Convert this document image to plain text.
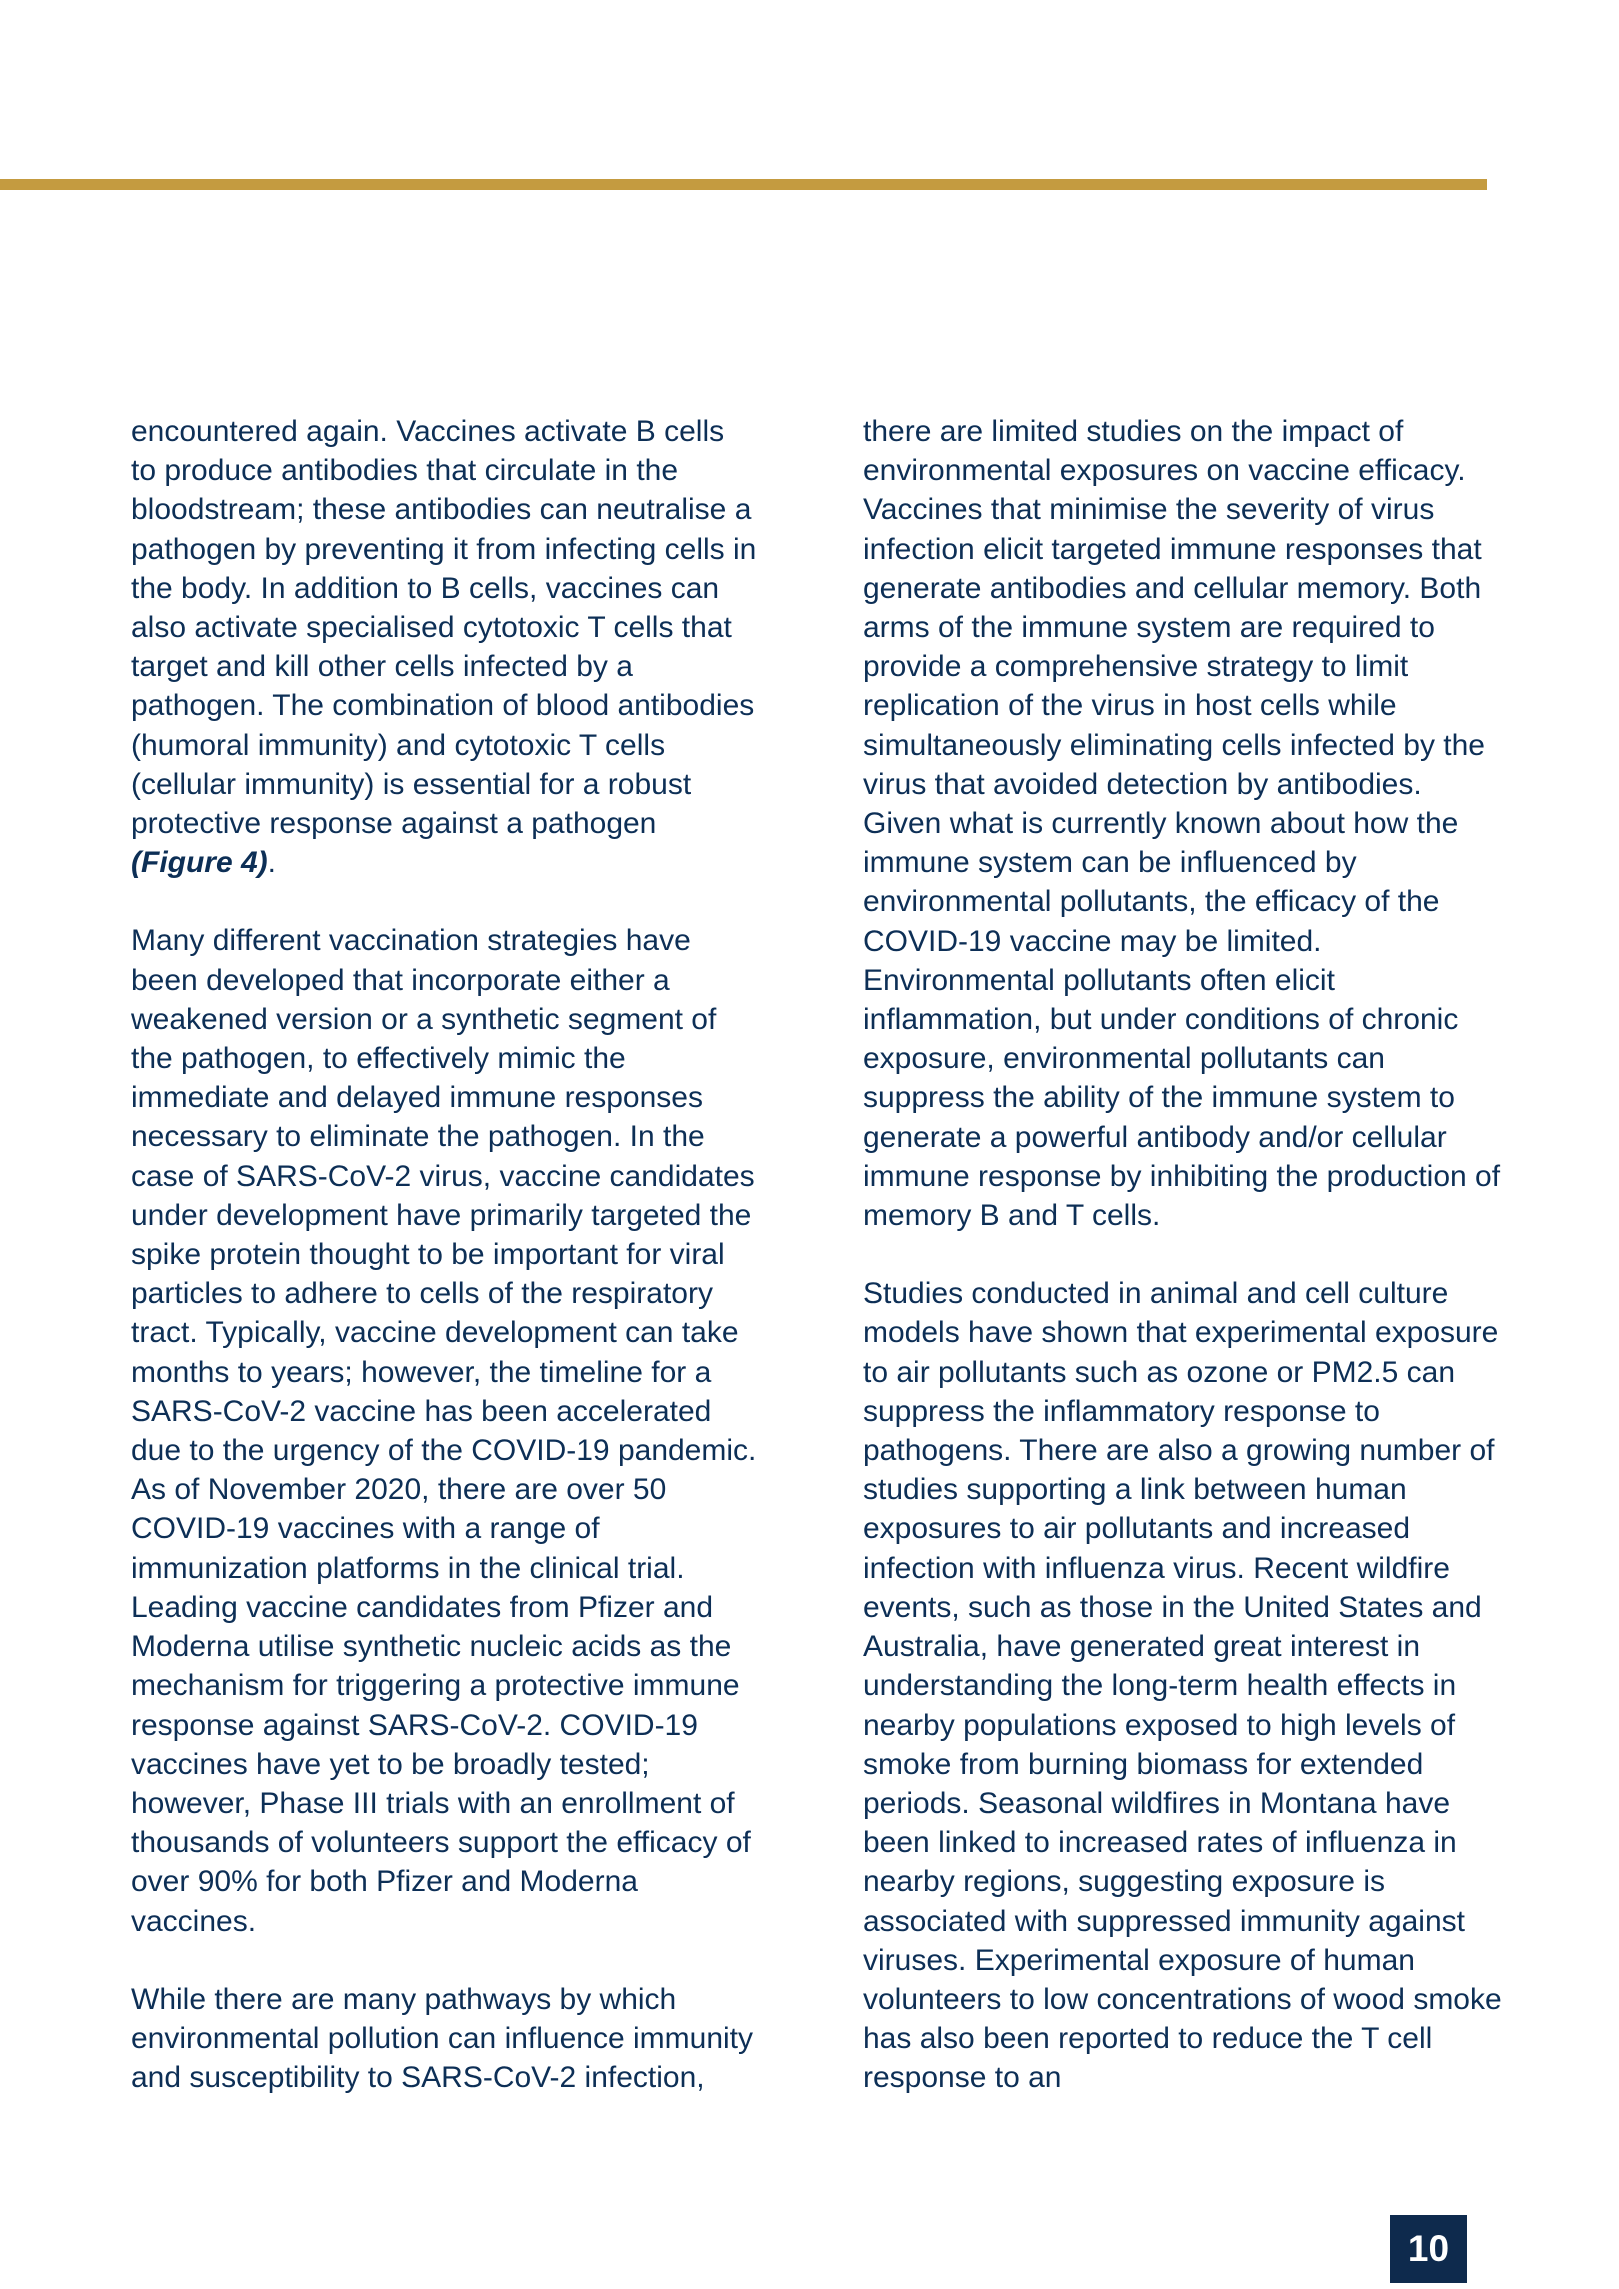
encountered again. Vaccines activate B cells to produce antibodies that circulate in the bloodstream; these antibodies can neutralise a pathogen by preventing it from infecting cells in the body. In addition to B cells, vaccines can also activate specialised cytotoxic T cells that target and kill other cells infected by a pathogen. The combination of blood antibodies (humoral immunity) and cytotoxic T cells (cellular immunity) is essential for a robust protective response against a pathogen (Figure 4).

Many different vaccination strategies have been developed that incorporate either a weakened version or a synthetic segment of the pathogen, to effectively mimic the immediate and delayed immune responses necessary to eliminate the pathogen. In the case of SARS-CoV-2 virus, vaccine candidates under development have primarily targeted the spike protein thought to be important for viral particles to adhere to cells of the respiratory tract. Typically, vaccine development can take months to years; however, the timeline for a SARS-CoV-2 vaccine has been accelerated due to the urgency of the COVID-19 pandemic. As of November 2020, there are over 50 COVID-19 vaccines with a range of immunization platforms in the clinical trial. Leading vaccine candidates from Pfizer and Moderna utilise synthetic nucleic acids as the mechanism for triggering a protective immune response against SARS-CoV-2. COVID-19 vaccines have yet to be broadly tested; however, Phase III trials with an enrollment of thousands of volunteers support the efficacy of over 90% for both Pfizer and Moderna vaccines.

While there are many pathways by which environmental pollution can influence immunity and susceptibility to SARS-CoV-2 infection,

there are limited studies on the impact of environmental exposures on vaccine efficacy. Vaccines that minimise the severity of virus infection elicit targeted immune responses that generate antibodies and cellular memory. Both arms of the immune system are required to provide a comprehensive strategy to limit replication of the virus in host cells while simultaneously eliminating cells infected by the virus that avoided detection by antibodies. Given what is currently known about how the immune system can be influenced by environmental pollutants, the efficacy of the COVID-19 vaccine may be limited. Environmental pollutants often elicit inflammation, but under conditions of chronic exposure, environmental pollutants can suppress the ability of the immune system to generate a powerful antibody and/or cellular immune response by inhibiting the production of memory B and T cells.

Studies conducted in animal and cell culture models have shown that experimental exposure to air pollutants such as ozone or PM2.5 can suppress the inflammatory response to pathogens. There are also a growing number of studies supporting a link between human exposures to air pollutants and increased infection with influenza virus. Recent wildfire events, such as those in the United States and Australia, have generated great interest in understanding the long-term health effects in nearby populations exposed to high levels of smoke from burning biomass for extended periods. Seasonal wildfires in Montana have been linked to increased rates of influenza in nearby regions, suggesting exposure is associated with suppressed immunity against viruses. Experimental exposure of human volunteers to low concentrations of wood smoke has also been reported to reduce the T cell response to an

10
